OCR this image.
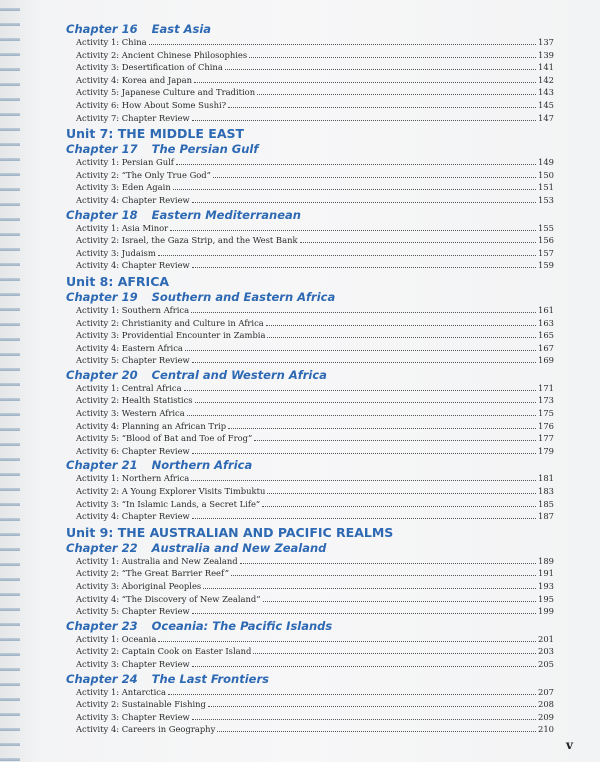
Chapter 16 East Asia
Activity 1: China	137
Activity 2: Ancient Chinese Philosophies	139
Activity 3: Desertification of China	141
Activity 4: Korea and Japan	142
Activity 5: Japanese Culture and Tradition	143
Activity 6: How About Some Sushi?	145
Activity 7: Chapter Review	147
Unit 7: THE MIDDLE EAST
Chapter 17 The Persian Gulf
Activity 1: Persian Gulf	149
Activity 2: “The Only True God”	150
Activity 3: Eden Again	151
Activity 4: Chapter Review	153
Chapter 18 Eastern Mediterranean
Activity 1: Asia Minor	155
Activity 2: Israel, the Gaza Strip, and the West Bank	156
Activity 3: Judaism	157
Activity 4: Chapter Review	159
Unit 8: AFRICA
Chapter 19 Southern and Eastern Africa
Activity 1: Southern Africa	161
Activity 2: Christianity and Culture in Africa	163
Activity 3: Providential Encounter in Zambia	165
Activity 4: Eastern Africa	167
Activity 5: Chapter Review	169
Chapter 20 Central and Western Africa
Activity 1: Central Africa	171
Activity 2: Health Statistics	173
Activity 3: Western Africa	175
Activity 4: Planning an African Trip	176
Activity 5: “Blood of Bat and Toe of Frog”	177
Activity 6: Chapter Review	179
Chapter 21 Northern Africa
Activity 1: Northern Africa	181
Activity 2: A Young Explorer Visits Timbuktu	183
Activity 3: “In Islamic Lands, a Secret Life”	185
Activity 4: Chapter Review	187
Unit 9: THE AUSTRALIAN AND PACIFIC REALMS
Chapter 22 Australia and New Zealand
Activity 1: Australia and New Zealand	189
Activity 2: “The Great Barrier Reef”	191
Activity 3: Aboriginal Peoples	193
Activity 4: “The Discovery of New Zealand”	195
Activity 5: Chapter Review	199
Chapter 23 Oceania: The Pacific Islands
Activity 1: Oceania	201
Activity 2: Captain Cook on Easter Island	203
Activity 3: Chapter Review	205
Chapter 24 The Last Frontiers
Activity 1: Antarctica	207
Activity 2: Sustainable Fishing	208
Activity 3: Chapter Review	209
Activity 4: Careers in Geography	210
v
